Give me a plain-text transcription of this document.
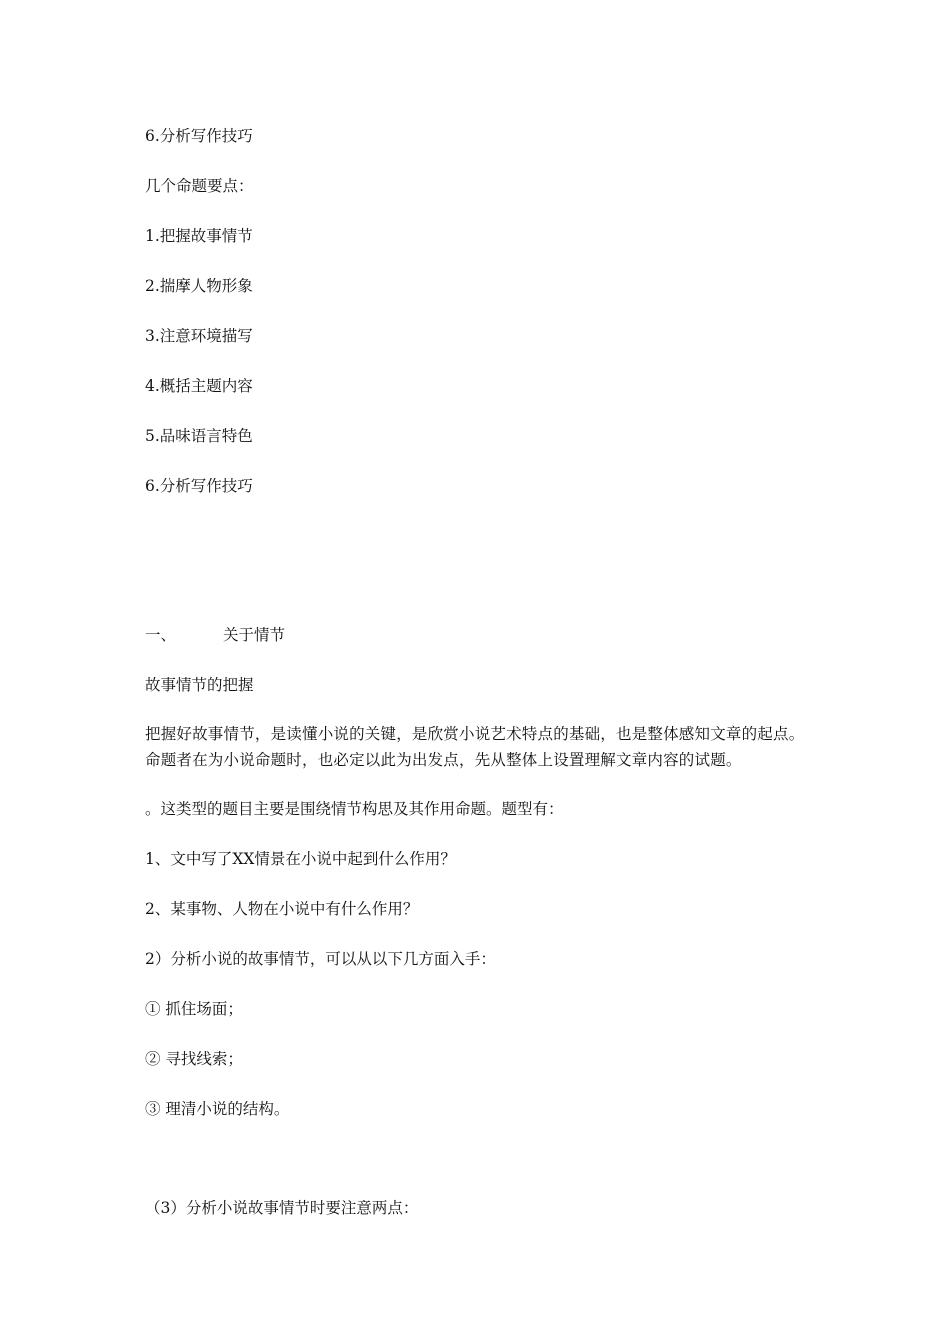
6.分析写作技巧
几个命题要点：
1.把握故事情节
2.揣摩人物形象
3.注意环境描写
4.概括主题内容
5.品味语言特色
6.分析写作技巧
一、	关于情节
故事情节的把握
把握好故事情节，是读懂小说的关键，是欣赏小说艺术特点的基础，也是整体感知文章的起点。命题者在为小说命题时，也必定以此为出发点，先从整体上设置理解文章内容的试题。
。这类型的题目主要是围绕情节构思及其作用命题。题型有：
1、文中写了XX情景在小说中起到什么作用？
2、某事物、人物在小说中有什么作用？
2）分析小说的故事情节，可以从以下几方面入手：
① 抓住场面；
② 寻找线索；
③ 理清小说的结构。
（3）分析小说故事情节时要注意两点：
